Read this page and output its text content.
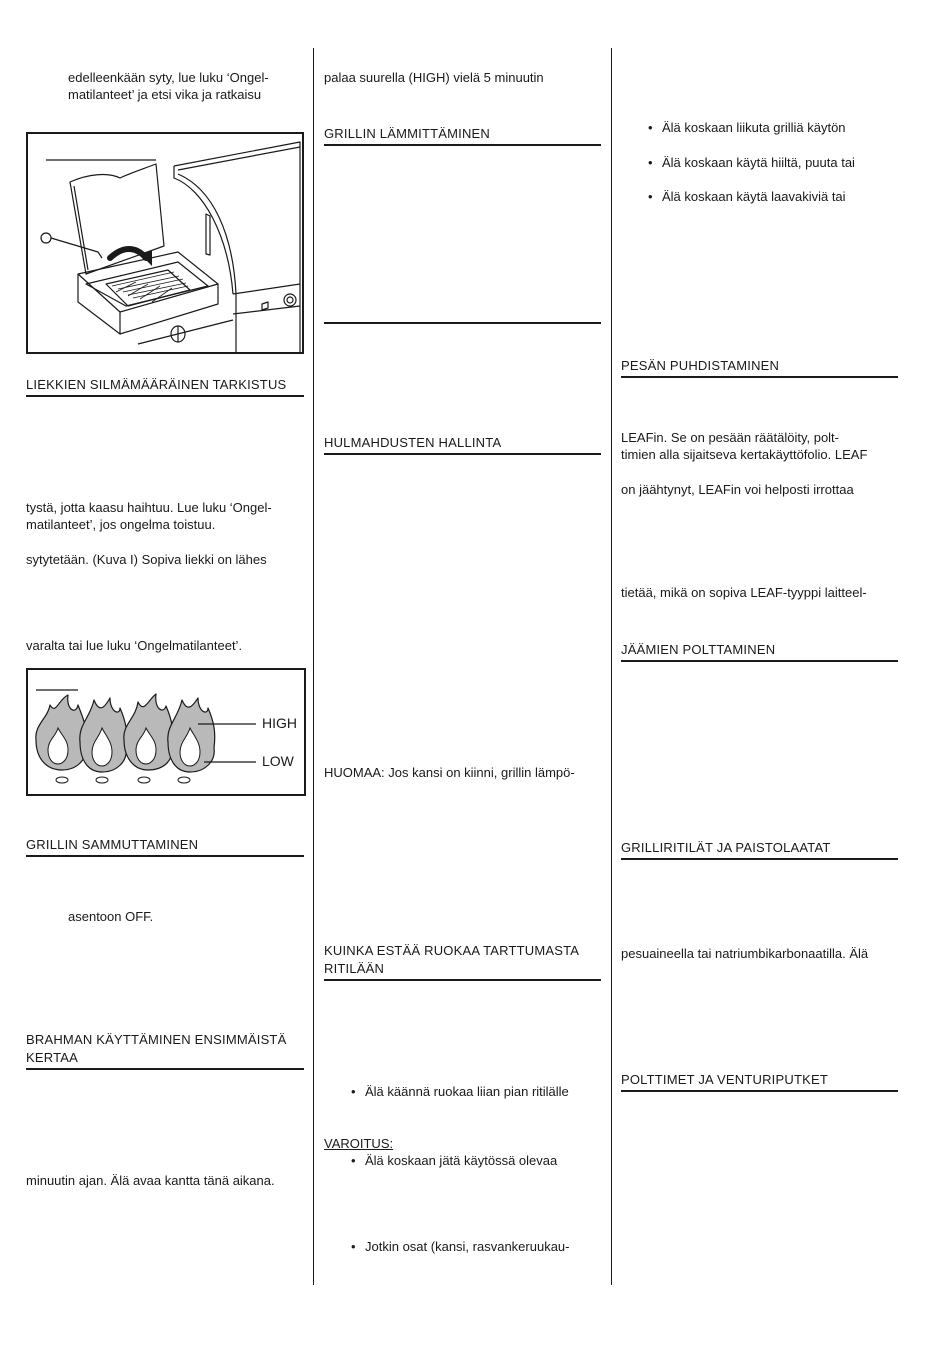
edelleenkään syty, lue luku ‘Ongel-
matilanteet’ ja etsi vika ja ratkaisu
LIEKKIEN SILMÄMÄÄRÄINEN TARKISTUS
tystä, jotta kaasu haihtuu. Lue luku ‘Ongel-
matilanteet’, jos ongelma toistuu.
sytytetään. (Kuva I) Sopiva liekki on lähes
varalta tai lue luku ‘Ongelmatilanteet’.
HIGH
LOW
GRILLIN SAMMUTTAMINEN
asentoon OFF.
BRAHMAN KÄYTTÄMINEN ENSIMMÄISTÄ KERTAA
minuutin ajan. Älä avaa kantta tänä aikana.
palaa suurella (HIGH) vielä 5 minuutin
GRILLIN LÄMMITTÄMINEN
HULMAHDUSTEN HALLINTA
HUOMAA: Jos kansi on kiinni, grillin lämpö-
KUINKA ESTÄÄ RUOKAA TARTTUMASTA RITILÄÄN
• Älä käännä ruokaa liian pian ritilälle
VAROITUS:
• Älä koskaan jätä käytössä olevaa
• Jotkin osat (kansi, rasvankeruukau-
• Älä koskaan liikuta grilliä käytön
• Älä koskaan käytä hiiltä, puuta tai
• Älä koskaan käytä laavakiviä tai
PESÄN PUHDISTAMINEN
LEAFin. Se on pesään räätälöity, polt-
timien alla sijaitseva kertakäyttöfolio. LEAF
on jäähtynyt, LEAFin voi helposti irrottaa
tietää, mikä on sopiva LEAF-tyyppi laitteel-
JÄÄMIEN POLTTAMINEN
GRILLIRITILÄT JA PAISTOLAATAT
pesuaineella tai natriumbikarbonaatilla. Älä
POLTTIMET JA VENTURIPUTKET
